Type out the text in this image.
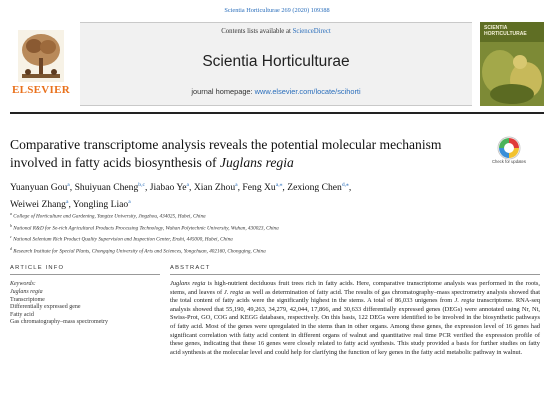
Scientia Horticulturae 269 (2020) 109388
ELSEVIER
Contents lists available at ScienceDirect
Scientia Horticulturae
journal homepage: www.elsevier.com/locate/scihorti
SCIENTIA HORTICULTURAE
Comparative transcriptome analysis reveals the potential molecular mechanism involved in fatty acids biosynthesis of Juglans regia	Check for updates
Yuanyuan Gou$^a$, Shuiyuan Cheng$^{b,c}$, Jiabao Ye$^a$, Xian Zhou$^a$, Feng $Xu^{a,⁎}$, Zexiong Chen$^{d,⁎}$,
Weiwei Zhang$^a$, Yongling Liao$^a$
$^a$ College of Horticulture and Gardening, Yangtze University, Jingzhou, 434025, Hubei, China
$^b$ National R&D for Se-rich Agricultural Products Processing Technology, Wuhan Polytechnic University, Wuhan, 430023, China
$^c$ National Selenium Rich Product Quality Supervision and Inspection Center, Enshi, 445000, Hubei, China
$^d$ Research Institute for Special Plants, Chongqing University of Arts and Sciences, Yongchuan, 402160, Chongqing, China
ARTICLE INFO	ABSTRACT
Keywords:
Juglans regia
Transcriptome
Differentially expressed gene
Fatty acid
Gas chromatography–mass spectrometry
Juglans regia is high-nutrient deciduous fruit trees rich in fatty acids. Here, comparative transcriptome analysis was performed in the roots, stems, and leaves of J. regia as well as determination of fatty acid. The results of gas chromatography–mass spectrometry analysis showed that the total content of fatty acids were the significantly highest in the stems. A total of 86,033 unigenes from J. regia transcriptome. RNA-seq analysis showed that 55,190, 49,263, 34,279, 42,044, 17,866, and 30,633 differentially expressed genes (DEGs) were annotated using Nr, Nt, Swiss-Prot, GO, COG and KEGG databases, respectively. On this basis, 122 DEGs were identified to be involved in the biosynthetic pathways of fatty acid. Most of the genes were upregulated in the stems than in other organs. Among these genes, the expression level of 16 genes had significant correlation with fatty acid content in different organs of walnut and quantitative real time PCR verified the expression profile of these genes, indicating that these 16 genes were closely related to fatty acid synthesis. This study provided a basis for further studies on fatty acid synthesis at the molecular level and could help for clarifying the function of key genes in the fatty acid metabolic pathway in walnut.
